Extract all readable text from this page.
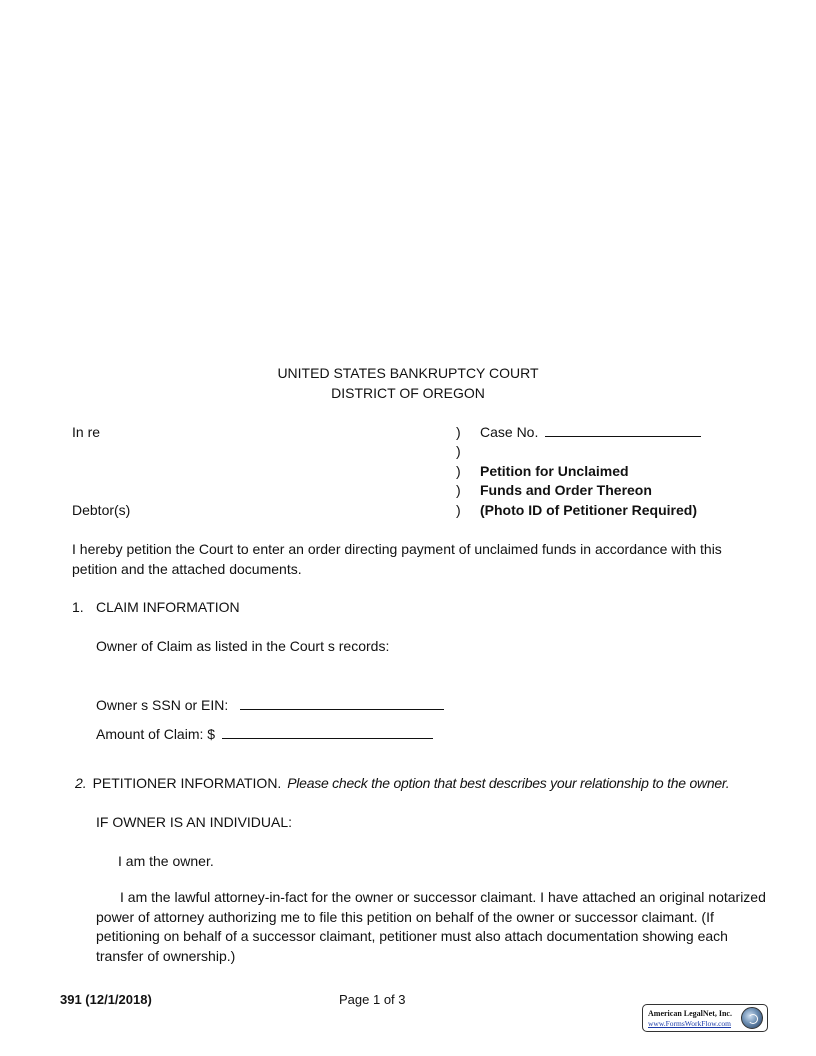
UNITED STATES BANKRUPTCY COURT
DISTRICT OF OREGON
In re
Debtor(s)
)
)
)
)
)
Case No.
Petition for Unclaimed
Funds and Order Thereon
(Photo ID of Petitioner Required)
I hereby petition the Court to enter an order directing payment of unclaimed funds in accordance with this petition and the attached documents.
1. CLAIM INFORMATION
Owner of Claim as listed in the Court s records:
Owner s SSN or EIN:
Amount of Claim: $
2. PETITIONER INFORMATION. Please check the option that best describes your relationship to the owner.
IF OWNER IS AN INDIVIDUAL:
I am the owner.
I am the lawful attorney-in-fact for the owner or successor claimant. I have attached an original notarized power of attorney authorizing me to file this petition on behalf of the owner or successor claimant. (If petitioning on behalf of a successor claimant, petitioner must also attach documentation showing each transfer of ownership.)
391 (12/1/2018)	Page 1 of 3
American LegalNet, Inc.
www.FormsWorkFlow.com
